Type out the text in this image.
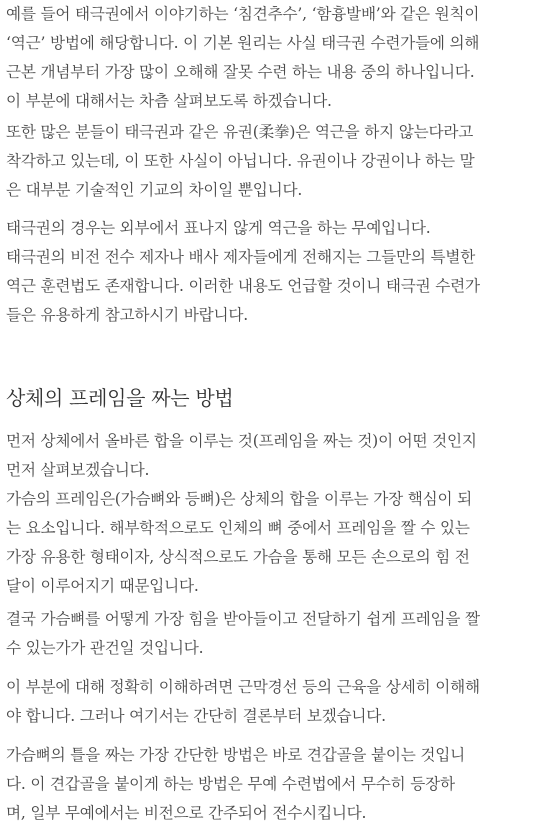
예를 들어 태극권에서 이야기하는 ‘침견추수’, ‘함흉발배’와 같은 원칙이
‘역근’ 방법에 해당합니다. 이 기본 원리는 사실 태극권 수련가들에 의해
근본 개념부터 가장 많이 오해해 잘못 수련 하는 내용 중의 하나입니다.
이 부분에 대해서는 차츰 살펴보도록 하겠습니다.

또한 많은 분들이 태극권과 같은 유권(柔拳)은 역근을 하지 않는다라고
착각하고 있는데, 이 또한 사실이 아닙니다. 유권이나 강권이나 하는 말
은 대부분 기술적인 기교의 차이일 뿐입니다.

태극권의 경우는 외부에서 표나지 않게 역근을 하는 무예입니다.
태극권의 비전 전수 제자나 배사 제자들에게 전해지는 그들만의 특별한
역근 훈련법도 존재합니다. 이러한 내용도 언급할 것이니 태극권 수련가
들은 유용하게 참고하시기 바랍니다.

상체의 프레임을 짜는 방법

먼저 상체에서 올바른 합을 이루는 것(프레임을 짜는 것)이 어떤 것인지
먼저 살펴보겠습니다.
가슴의 프레임은(가슴뼈와 등뼈)은 상체의 합을 이루는 가장 핵심이 되
는 요소입니다. 해부학적으로도 인체의 뼈 중에서 프레임을 짤 수 있는
가장 유용한 형태이자, 상식적으로도 가슴을 통해 모든 손으로의 힘 전
달이 이루어지기 때문입니다.

결국 가슴뼈를 어떻게 가장 힘을 받아들이고 전달하기 쉽게 프레임을 짤
수 있는가가 관건일 것입니다.

이 부분에 대해 정확히 이해하려면 근막경선 등의 근육을 상세히 이해해
야 합니다. 그러나 여기서는 간단히 결론부터 보겠습니다.

가슴뼈의 틀을 짜는 가장 간단한 방법은 바로 견갑골을 붙이는 것입니
다. 이 견갑골을 붙이게 하는 방법은 무예 수련법에서 무수히 등장하
며, 일부 무예에서는 비전으로 간주되어 전수시킵니다.
